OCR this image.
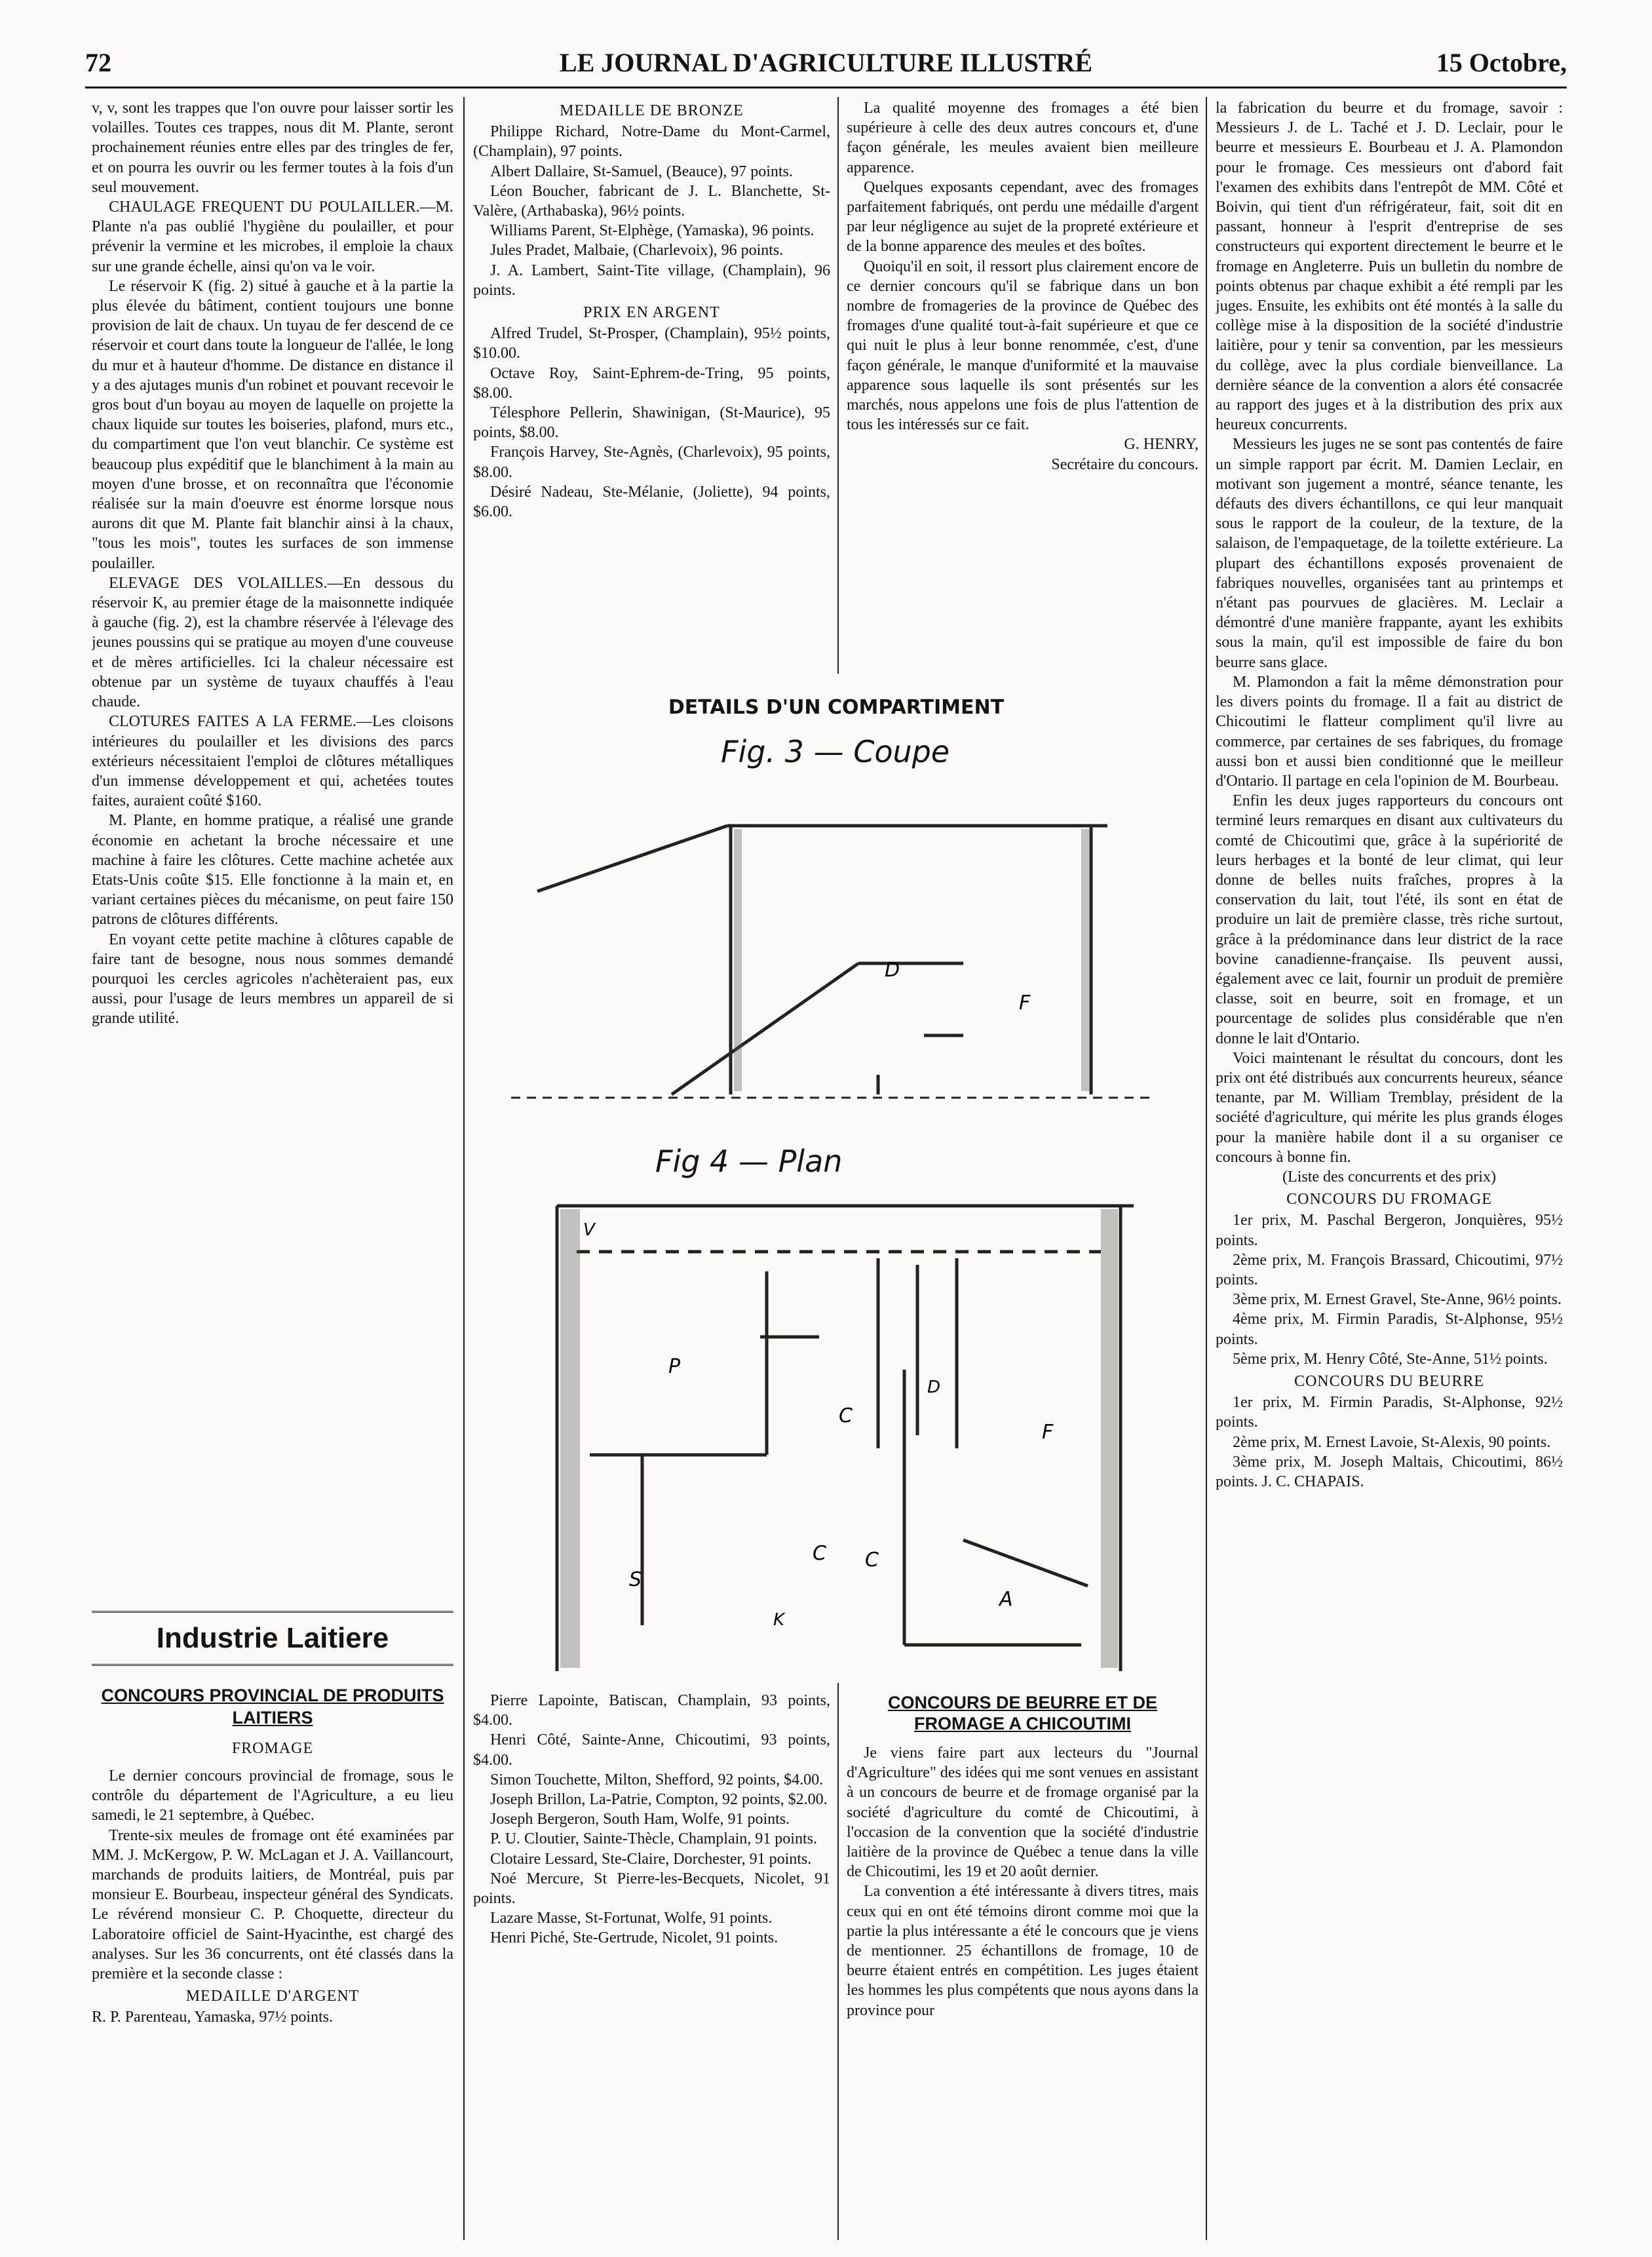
72	LE JOURNAL D'AGRICULTURE ILLUSTRÉ	15 Octobre,

v, v, sont les trappes que l'on ouvre pour laisser sortir les volailles. Toutes ces trappes, nous dit M. Plante, seront prochainement réunies entre elles par des tringles de fer, et on pourra les ouvrir ou les fermer toutes à la fois d'un seul mouvement.

CHAULAGE FREQUENT DU POULAILLER.—M. Plante n'a pas oublié l'hygiène du poulailler, et pour prévenir la vermine et les microbes, il emploie la chaux sur une grande échelle, ainsi qu'on va le voir.

Le réservoir K (fig. 2) situé à gauche et à la partie la plus élevée du bâtiment, contient toujours une bonne provision de lait de chaux. Un tuyau de fer descend de ce réservoir et court dans toute la longueur de l'allée, le long du mur et à hauteur d'homme. De distance en distance il y a des ajutages munis d'un robinet et pouvant recevoir le gros bout d'un boyau au moyen de laquelle on projette la chaux liquide sur toutes les boiseries, plafond, murs etc., du compartiment que l'on veut blanchir. Ce système est beaucoup plus expéditif que le blanchiment à la main au moyen d'une brosse, et on reconnaîtra que l'économie réalisée sur la main d'oeuvre est énorme lorsque nous aurons dit que M. Plante fait blanchir ainsi à la chaux, "tous les mois", toutes les surfaces de son immense poulailler.

ELEVAGE DES VOLAILLES.—En dessous du réservoir K, au premier étage de la maisonnette indiquée à gauche (fig. 2), est la chambre réservée à l'élevage des jeunes poussins qui se pratique au moyen d'une couveuse et de mères artificielles. Ici la chaleur nécessaire est obtenue par un système de tuyaux chauffés à l'eau chaude.

CLOTURES FAITES A LA FERME.—Les cloisons intérieures du poulailler et les divisions des parcs extérieurs nécessitaient l'emploi de clôtures métalliques d'un immense développement et qui, achetées toutes faites, auraient coûté $160.

M. Plante, en homme pratique, a réalisé une grande économie en achetant la broche nécessaire et une machine à faire les clôtures. Cette machine achetée aux Etats-Unis coûte $15. Elle fonctionne à la main et, en variant certaines pièces du mécanisme, on peut faire 150 patrons de clôtures différents.

En voyant cette petite machine à clôtures capable de faire tant de besogne, nous nous sommes demandé pourquoi les cercles agricoles n'achèteraient pas, eux aussi, pour l'usage de leurs membres un appareil de si grande utilité.

Industrie Laitiere
CONCOURS PROVINCIAL DE PRODUITS LAITIERS
FROMAGE

Le dernier concours provincial de fromage, sous le contrôle du département de l'Agriculture, a eu lieu samedi, le 21 septembre, à Québec.

Trente-six meules de fromage ont été examinées par MM. J. McKergow, P. W. McLagan et J. A. Vaillancourt, marchands de produits laitiers, de Montréal, puis par monsieur E. Bourbeau, inspecteur général des Syndicats. Le révérend monsieur C. P. Choquette, directeur du Laboratoire officiel de Saint-Hyacinthe, est chargé des analyses. Sur les 36 concurrents, ont été classés dans la première et la seconde classe :

MEDAILLE D'ARGENT

R. P. Parenteau, Yamaska, 97½ points.

MEDAILLE DE BRONZE

Philippe Richard, Notre-Dame du Mont-Carmel, (Champlain), 97 points.

Albert Dallaire, St-Samuel, (Beauce), 97 points.

Léon Boucher, fabricant de J. L. Blanchette, St-Valère, (Arthabaska), 96½ points.

Williams Parent, St-Elphège, (Yamaska), 96 points.

Jules Pradet, Malbaie, (Charlevoix), 96 points.

J. A. Lambert, Saint-Tite village, (Champlain), 96 points.

PRIX EN ARGENT

Alfred Trudel, St-Prosper, (Champlain), 95½ points, $10.00.

Octave Roy, Saint-Ephrem-de-Tring, 95 points, $8.00.

Télesphore Pellerin, Shawinigan, (St-Maurice), 95 points, $8.00.

François Harvey, Ste-Agnès, (Charlevoix), 95 points, $8.00.

Désiré Nadeau, Ste-Mélanie, (Joliette), 94 points, $6.00.

La qualité moyenne des fromages a été bien supérieure à celle des deux autres concours et, d'une façon générale, les meules avaient bien meilleure apparence.

Quelques exposants cependant, avec des fromages parfaitement fabriqués, ont perdu une médaille d'argent par leur négligence au sujet de la propreté extérieure et de la bonne apparence des meules et des boîtes.

Quoiqu'il en soit, il ressort plus clairement encore de ce dernier concours qu'il se fabrique dans un bon nombre de fromageries de la province de Québec des fromages d'une qualité tout-à-fait supérieure et que ce qui nuit le plus à leur bonne renommée, c'est, d'une façon générale, le manque d'uniformité et la mauvaise apparence sous laquelle ils sont présentés sur les marchés, nous appelons une fois de plus l'attention de tous les intéressés sur ce fait.

G. HENRY,

Secrétaire du concours.

DETAILS D'UN COMPARTIMENT
Fig. 3 — Coupe
D
F
Fig 4 — Plan
V
P
C
D
F
C C
S
A
K

Pierre Lapointe, Batiscan, Champlain, 93 points, $4.00.

Henri Côté, Sainte-Anne, Chicoutimi, 93 points, $4.00.

Simon Touchette, Milton, Shefford, 92 points, $4.00.

Joseph Brillon, La-Patrie, Compton, 92 points, $2.00.

Joseph Bergeron, South Ham, Wolfe, 91 points.

P. U. Cloutier, Sainte-Thècle, Champlain, 91 points.

Clotaire Lessard, Ste-Claire, Dorchester, 91 points.

Noé Mercure, St Pierre-les-Becquets, Nicolet, 91 points.

Lazare Masse, St-Fortunat, Wolfe, 91 points.

Henri Piché, Ste-Gertrude, Nicolet, 91 points.

CONCOURS DE BEURRE ET DE FROMAGE A CHICOUTIMI

Je viens faire part aux lecteurs du "Journal d'Agriculture" des idées qui me sont venues en assistant à un concours de beurre et de fromage organisé par la société d'agriculture du comté de Chicoutimi, à l'occasion de la convention que la société d'industrie laitière de la province de Québec a tenue dans la ville de Chicoutimi, les 19 et 20 août dernier.

La convention a été intéressante à divers titres, mais ceux qui en ont été témoins diront comme moi que la partie la plus intéressante a été le concours que je viens de mentionner. 25 échantillons de fromage, 10 de beurre étaient entrés en compétition. Les juges étaient les hommes les plus compétents que nous ayons dans la province pour

la fabrication du beurre et du fromage, savoir : Messieurs J. de L. Taché et J. D. Leclair, pour le beurre et messieurs E. Bourbeau et J. A. Plamondon pour le fromage. Ces messieurs ont d'abord fait l'examen des exhibits dans l'entrepôt de MM. Côté et Boivin, qui tient d'un réfrigérateur, fait, soit dit en passant, honneur à l'esprit d'entreprise de ses constructeurs qui exportent directement le beurre et le fromage en Angleterre. Puis un bulletin du nombre de points obtenus par chaque exhibit a été rempli par les juges. Ensuite, les exhibits ont été montés à la salle du collège mise à la disposition de la société d'industrie laitière, pour y tenir sa convention, par les messieurs du collège, avec la plus cordiale bienveillance. La dernière séance de la convention a alors été consacrée au rapport des juges et à la distribution des prix aux heureux concurrents.

Messieurs les juges ne se sont pas contentés de faire un simple rapport par écrit. M. Damien Leclair, en motivant son jugement a montré, séance tenante, les défauts des divers échantillons, ce qui leur manquait sous le rapport de la couleur, de la texture, de la salaison, de l'empaquetage, de la toilette extérieure. La plupart des échantillons exposés provenaient de fabriques nouvelles, organisées tant au printemps et n'étant pas pourvues de glacières. M. Leclair a démontré d'une manière frappante, ayant les exhibits sous la main, qu'il est impossible de faire du bon beurre sans glace.

M. Plamondon a fait la même démonstration pour les divers points du fromage. Il a fait au district de Chicoutimi le flatteur compliment qu'il livre au commerce, par certaines de ses fabriques, du fromage aussi bon et aussi bien conditionné que le meilleur d'Ontario. Il partage en cela l'opinion de M. Bourbeau.

Enfin les deux juges rapporteurs du concours ont terminé leurs remarques en disant aux cultivateurs du comté de Chicoutimi que, grâce à la supériorité de leurs herbages et la bonté de leur climat, qui leur donne de belles nuits fraîches, propres à la conservation du lait, tout l'été, ils sont en état de produire un lait de première classe, très riche surtout, grâce à la prédominance dans leur district de la race bovine canadienne-française. Ils peuvent aussi, également avec ce lait, fournir un produit de première classe, soit en beurre, soit en fromage, et un pourcentage de solides plus considérable que n'en donne le lait d'Ontario.

Voici maintenant le résultat du concours, dont les prix ont été distribués aux concurrents heureux, séance tenante, par M. William Tremblay, président de la société d'agriculture, qui mérite les plus grands éloges pour la manière habile dont il a su organiser ce concours à bonne fin.

(Liste des concurrents et des prix)

CONCOURS DU FROMAGE

1er prix, M. Paschal Bergeron, Jonquières, 95½ points.

2ème prix, M. François Brassard, Chicoutimi, 97½ points.

3ème prix, M. Ernest Gravel, Ste-Anne, 96½ points.

4ème prix, M. Firmin Paradis, St-Alphonse, 95½ points.

5ème prix, M. Henry Côté, Ste-Anne, 51½ points.

CONCOURS DU BEURRE

1er prix, M. Firmin Paradis, St-Alphonse, 92½ points.

2ème prix, M. Ernest Lavoie, St-Alexis, 90 points.

3ème prix, M. Joseph Maltais, Chicoutimi, 86½ points. J. C. CHAPAIS.
